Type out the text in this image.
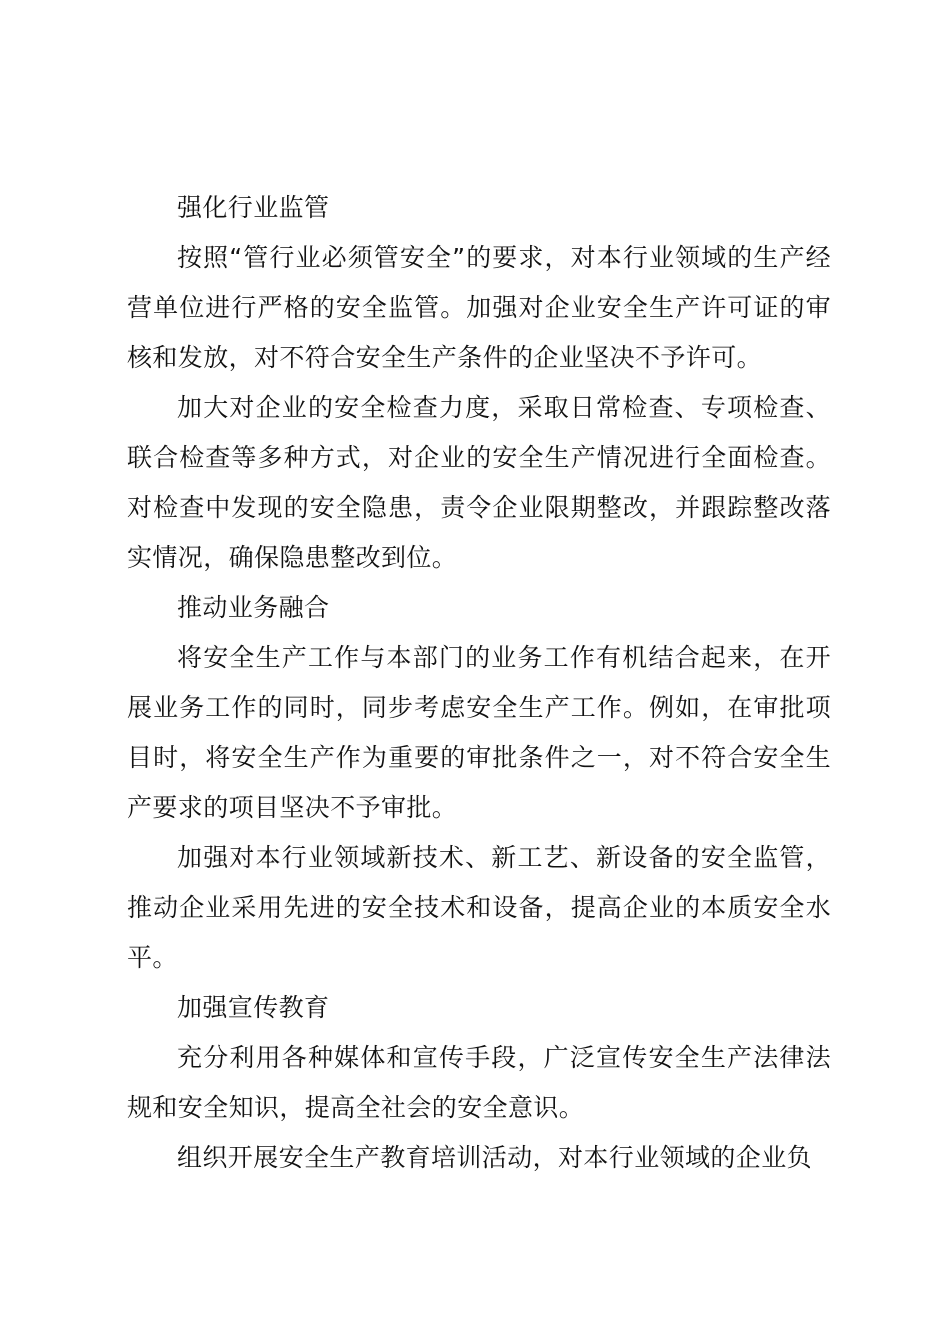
强化行业监管

按照“管行业必须管安全”的要求，对本行业领域的生产经营单位进行严格的安全监管。加强对企业安全生产许可证的审核和发放，对不符合安全生产条件的企业坚决不予许可。

加大对企业的安全检查力度，采取日常检查、专项检查、联合检查等多种方式，对企业的安全生产情况进行全面检查。对检查中发现的安全隐患，责令企业限期整改，并跟踪整改落实情况，确保隐患整改到位。

推动业务融合

将安全生产工作与本部门的业务工作有机结合起来，在开展业务工作的同时，同步考虑安全生产工作。例如，在审批项目时，将安全生产作为重要的审批条件之一，对不符合安全生产要求的项目坚决不予审批。

加强对本行业领域新技术、新工艺、新设备的安全监管，推动企业采用先进的安全技术和设备，提高企业的本质安全水平。

加强宣传教育

充分利用各种媒体和宣传手段，广泛宣传安全生产法律法规和安全知识，提高全社会的安全意识。

组织开展安全生产教育培训活动，对本行业领域的企业负
